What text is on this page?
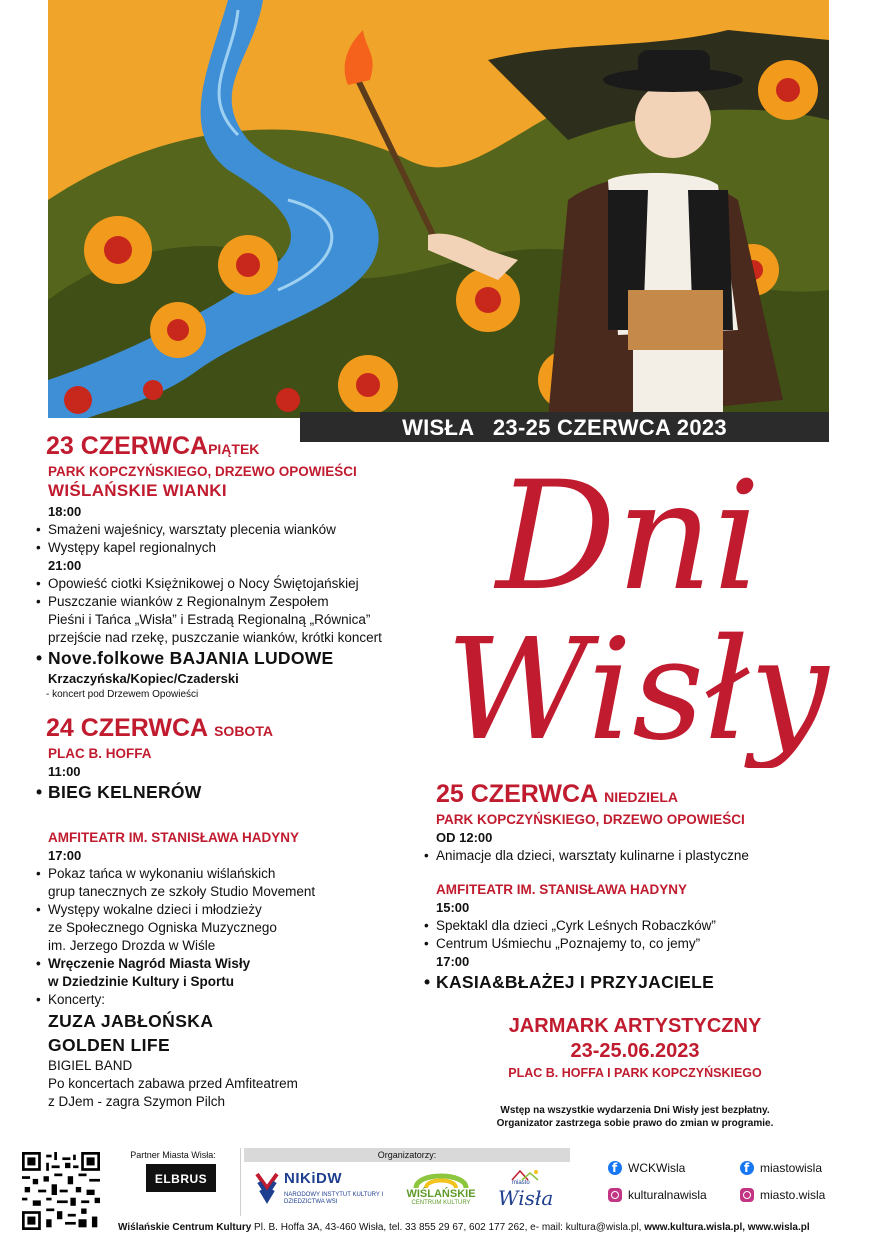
WISŁA 23-25 CZERWCA 2023
23 CZERWCAPIĄTEK
PARK KOPCZYŃSKIEGO, DRZEWO OPOWIEŚCI
WIŚLAŃSKIE WIANKI
18:00
• Smażeni wajeśnicy, warsztaty plecenia wianków
• Występy kapel regionalnych
21:00
• Opowieść ciotki Księżnikowej o Nocy Świętojańskiej
• Puszczanie wianków z Regionalnym Zespołem
Pieśni i Tańca „Wisła” i Estradą Regionalną „Równica”
przejście nad rzekę, puszczanie wianków, krótki koncert
• Nove.folkowe BAJANIA LUDOWE
Krzaczyńska/Kopiec/Czaderski
- koncert pod Drzewem Opowieści
24 CZERWCA SOBOTA
PLAC B. HOFFA
11:00
• BIEG KELNERÓW
AMFITEATR IM. STANISŁAWA HADYNY
17:00
• Pokaz tańca w wykonaniu wiślańskich
grup tanecznych ze szkoły Studio Movement
• Występy wokalne dzieci i młodzieży
ze Społecznego Ogniska Muzycznego
im. Jerzego Drozda w Wiśle
• Wręczenie Nagród Miasta Wisły
w Dziedzinie Kultury i Sportu
• Koncerty:
ZUZA JABŁOŃSKA
GOLDEN LIFE
BIGIEL BAND
Po koncertach zabawa przed Amfiteatrem
z DJem - zagra Szymon Pilch
Dni
Wisły
25 CZERWCA NIEDZIELA
PARK KOPCZYŃSKIEGO, DRZEWO OPOWIEŚCI
OD 12:00
• Animacje dla dzieci, warsztaty kulinarne i plastyczne
AMFITEATR IM. STANISŁAWA HADYNY
15:00
• Spektakl dla dzieci „Cyrk Leśnych Robaczków”
• Centrum Uśmiechu „Poznajemy to, co jemy”
17:00
• KASIA&BŁAŻEJ I PRZYJACIELE
JARMARK ARTYSTYCZNY
23-25.06.2023
PLAC B. HOFFA I PARK KOPCZYŃSKIEGO
Wstęp na wszystkie wydarzenia Dni Wisły jest bezpłatny.
Organizator zastrzega sobie prawo do zmian w programie.
Partner Miasta Wisła:
ELBRUS
Organizatorzy:
NIKiDW
NARODOWY INSTYTUT KULTURY I DZIEDZICTWA WSI
WIŚLAŃSKIE
CENTRUM KULTURY
miasto
Wisła
f
WCKWisla
f	miastowisla
kulturalnawisla	miasto.wisla
Wiślańskie Centrum Kultury Pl. B. Hoffa 3A, 43-460 Wisła, tel. 33 855 29 67, 602 177 262, e- mail: kultura@wisla.pl, www.kultura.wisla.pl, www.wisla.pl
